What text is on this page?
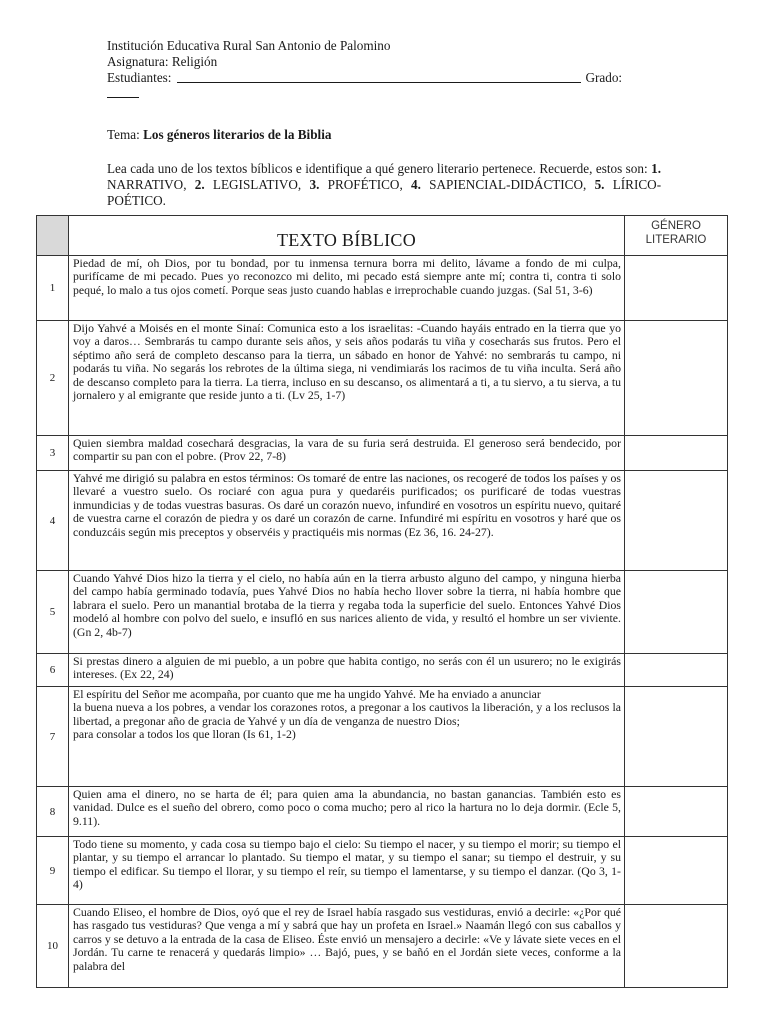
Institución Educativa Rural San Antonio de Palomino
Asignatura: Religión
Estudiantes:	Grado:
Tema: Los géneros literarios de la Biblia
Lea cada uno de los textos bíblicos e identifique a qué genero literario pertenece. Recuerde, estos son: 1. NARRATIVO, 2. LEGISLATIVO, 3. PROFÉTICO, 4. SAPIENCIAL-DIDÁCTICO, 5. LÍRICO-POÉTICO.
	TEXTO BÍBLICO	GÉNERO LITERARIO
1	Piedad de mí, oh Dios, por tu bondad, por tu inmensa ternura borra mi delito, lávame a fondo de mi culpa, purifícame de mi pecado. Pues yo reconozco mi delito, mi pecado está siempre ante mí; contra ti, contra ti solo pequé, lo malo a tus ojos cometí. Porque seas justo cuando hablas e irreprochable cuando juzgas. (Sal 51, 3-6)	
2	Dijo Yahvé a Moisés en el monte Sinaí: Comunica esto a los israelitas: -Cuando hayáis entrado en la tierra que yo voy a daros… Sembrarás tu campo durante seis años, y seis años podarás tu viña y cosecharás sus frutos. Pero el séptimo año será de completo descanso para la tierra, un sábado en honor de Yahvé: no sembrarás tu campo, ni podarás tu viña. No segarás los rebrotes de la última siega, ni vendimiarás los racimos de tu viña inculta. Será año de descanso completo para la tierra. La tierra, incluso en su descanso, os alimentará a ti, a tu siervo, a tu sierva, a tu jornalero y al emigrante que reside junto a ti. (Lv 25, 1-7)	
3	Quien siembra maldad cosechará desgracias, la vara de su furia será destruida. El generoso será bendecido, por compartir su pan con el pobre. (Prov 22, 7-8)	
4	Yahvé me dirigió su palabra en estos términos: Os tomaré de entre las naciones, os recogeré de todos los países y os llevaré a vuestro suelo. Os rociaré con agua pura y quedaréis purificados; os purificaré de todas vuestras inmundicias y de todas vuestras basuras. Os daré un corazón nuevo, infundiré en vosotros un espíritu nuevo, quitaré de vuestra carne el corazón de piedra y os daré un corazón de carne. Infundiré mi espíritu en vosotros y haré que os conduzcáis según mis preceptos y observéis y practiquéis mis normas (Ez 36, 16. 24-27).	
5	Cuando Yahvé Dios hizo la tierra y el cielo, no había aún en la tierra arbusto alguno del campo, y ninguna hierba del campo había germinado todavía, pues Yahvé Dios no había hecho llover sobre la tierra, ni había hombre que labrara el suelo. Pero un manantial brotaba de la tierra y regaba toda la superficie del suelo. Entonces Yahvé Dios modeló al hombre con polvo del suelo, e insufló en sus narices aliento de vida, y resultó el hombre un ser viviente. (Gn 2, 4b-7)	
6	Si prestas dinero a alguien de mi pueblo, a un pobre que habita contigo, no serás con él un usurero; no le exigirás intereses. (Ex 22, 24)	
7	El espíritu del Señor me acompaña, por cuanto que me ha ungido Yahvé. Me ha enviado a anunciar
la buena nueva a los pobres, a vendar los corazones rotos, a pregonar a los cautivos la liberación, y a los reclusos la libertad, a pregonar año de gracia de Yahvé y un día de venganza de nuestro Dios;
para consolar a todos los que lloran (Is 61, 1-2)	

8	Quien ama el dinero, no se harta de él; para quien ama la abundancia, no bastan ganancias. También esto es vanidad. Dulce es el sueño del obrero, como poco o coma mucho; pero al rico la hartura no lo deja dormir. (Ecle 5, 9.11).	
9	Todo tiene su momento, y cada cosa su tiempo bajo el cielo: Su tiempo el nacer, y su tiempo el morir; su tiempo el plantar, y su tiempo el arrancar lo plantado. Su tiempo el matar, y su tiempo el sanar; su tiempo el destruir, y su tiempo el edificar. Su tiempo el llorar, y su tiempo el reír, su tiempo el lamentarse, y su tiempo el danzar. (Qo 3, 1-4)	
10	Cuando Eliseo, el hombre de Dios, oyó que el rey de Israel había rasgado sus vestiduras, envió a decirle: «¿Por qué has rasgado tus vestiduras? Que venga a mí y sabrá que hay un profeta en Israel.» Naamán llegó con sus caballos y carros y se detuvo a la entrada de la casa de Eliseo. Éste envió un mensajero a decirle: «Ve y lávate siete veces en el Jordán. Tu carne te renacerá y quedarás limpio» … Bajó, pues, y se bañó en el Jordán siete veces, conforme a la palabra del	
